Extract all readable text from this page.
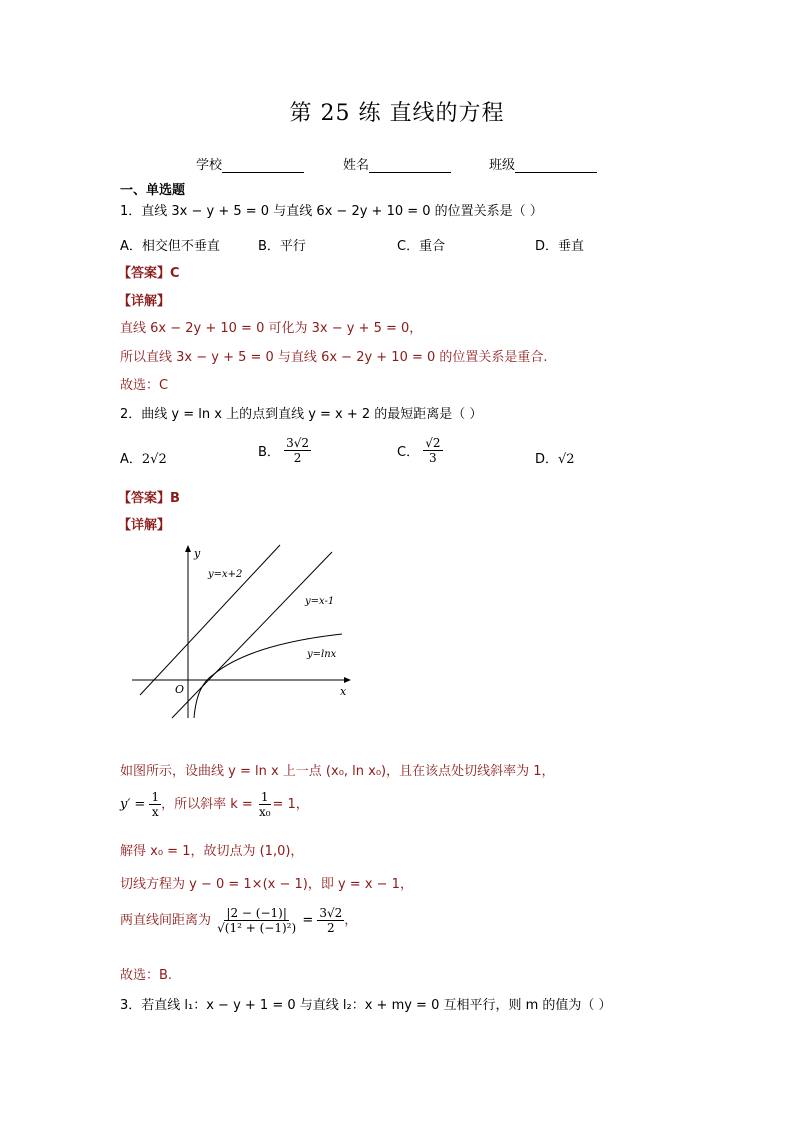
第 25 练 直线的方程
学校	姓名	班级
一、单选题
1．直线 3x − y + 5 = 0 与直线 6x − 2y + 10 = 0 的位置关系是（ ）
A．相交但不垂直	B．平行	C．重合	D．垂直
【答案】C
【详解】
直线 6x − 2y + 10 = 0 可化为 3x − y + 5 = 0，
所以直线 3x − y + 5 = 0 与直线 6x − 2y + 10 = 0 的位置关系是重合.
故选：C
2．曲线 y = ln x 上的点到直线 y = x + 2 的最短距离是（ ）
A．2√2	B． $\frac{3√2}{2}$	C． $\frac{√2}{3}$	D．√2
【答案】B
【详解】
y
x
O
y=x+2
y=x-1
y=lnx
如图所示，设曲线 y = ln x 上一点 (x₀, ln x₀)，且在该点处切线斜率为 1，
$y' = \frac{1}{x}$ ，所以斜率 $k = \frac{1}{\text{x₀}} = 1$，
解得 x₀ = 1，故切点为 (1,0)，
切线方程为 y − 0 = 1×(x − 1)，即 y = x − 1，
两直线间距离为 $\frac{|2 - (-1)|}{\text{√(1² + (−1)²)}} = \frac{3√2}{2}$ ，
故选：B.
3．若直线 l₁：x − y + 1 = 0 与直线 l₂：x + my = 0 互相平行，则 m 的值为（ ）
